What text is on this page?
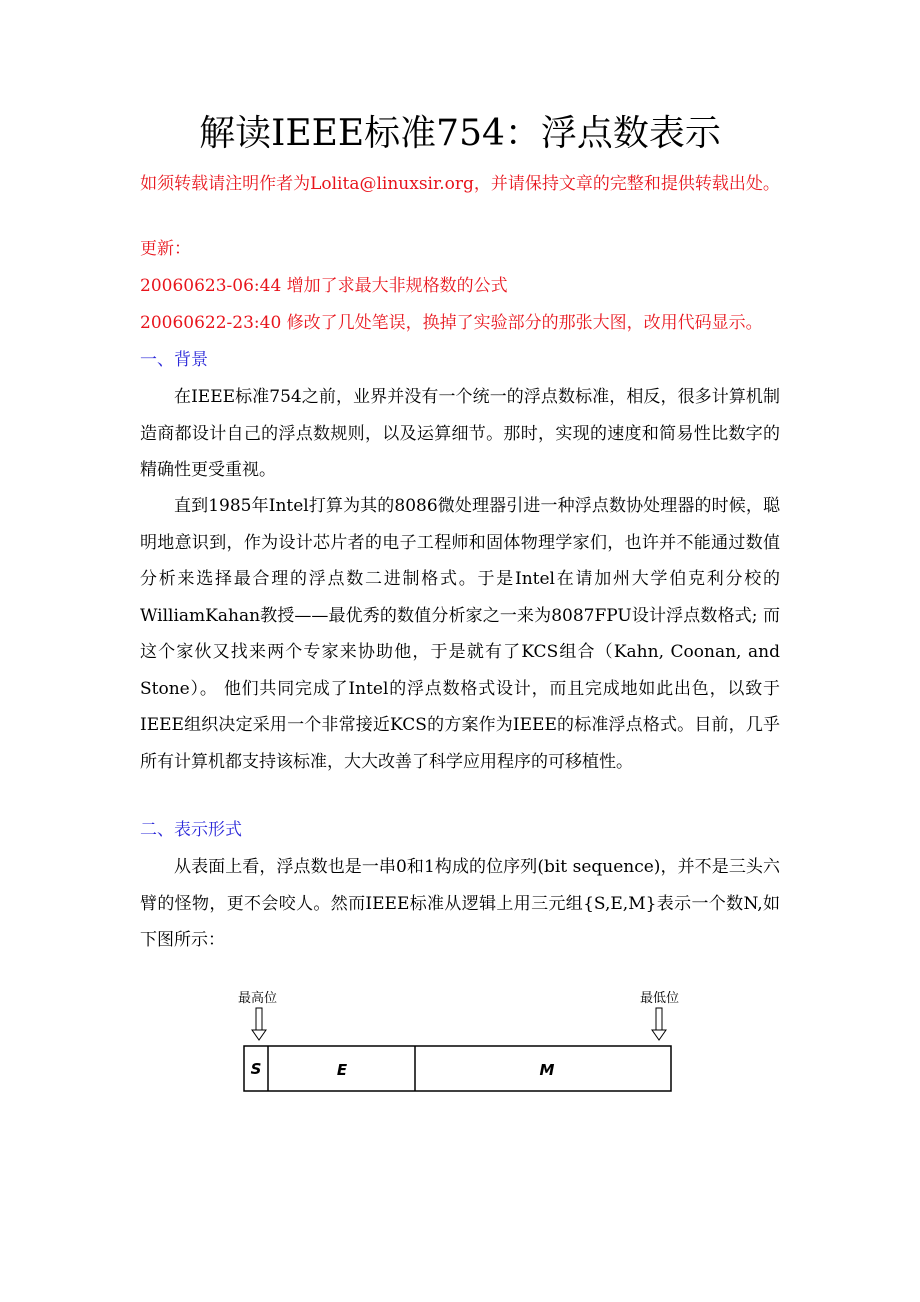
解读IEEE标准754：浮点数表示
如须转载请注明作者为Lolita@linuxsir.org，并请保持文章的完整和提供转载出处。
更新：
20060623-06:44 增加了求最大非规格数的公式
20060622-23:40 修改了几处笔误，换掉了实验部分的那张大图，改用代码显示。
一、背景
在IEEE标准754之前，业界并没有一个统一的浮点数标准，相反，很多计算机制造商都设计自己的浮点数规则，以及运算细节。那时，实现的速度和简易性比数字的精确性更受重视。
直到1985年Intel打算为其的8086微处理器引进一种浮点数协处理器的时候，聪明地意识到，作为设计芯片者的电子工程师和固体物理学家们，也许并不能通过数值分析来选择最合理的浮点数二进制格式。于是Intel在请加州大学伯克利分校的WilliamKahan教授——最优秀的数值分析家之一来为8087FPU设计浮点数格式; 而这个家伙又找来两个专家来协助他，于是就有了KCS组合（Kahn, Coonan, and Stone）。 他们共同完成了Intel的浮点数格式设计，而且完成地如此出色，以致于IEEE组织决定采用一个非常接近KCS的方案作为IEEE的标准浮点格式。目前，几乎所有计算机都支持该标准，大大改善了科学应用程序的可移植性。
二、表示形式
从表面上看，浮点数也是一串0和1构成的位序列(bit sequence)，并不是三头六臂的怪物，更不会咬人。然而IEEE标准从逻辑上用三元组{S,E,M}表示一个数N,如下图所示：
最高位	最低位
S	E	M
